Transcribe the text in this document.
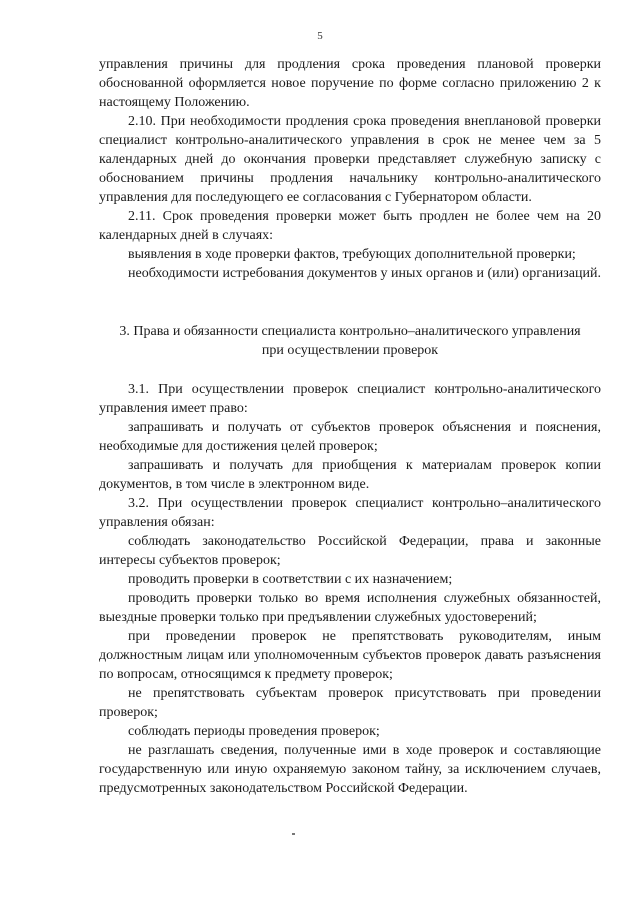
5

управления причины для продления срока проведения плановой проверки обоснованной оформляется новое поручение по форме согласно приложению 2 к настоящему Положению.

2.10. При необходимости продления срока проведения внеплановой проверки специалист контрольно-аналитического управления в срок не менее чем за 5 календарных дней до окончания проверки представляет служебную записку с обоснованием причины продления начальнику контрольно-аналитического управления для последующего ее согласования с Губернатором области.

2.11. Срок проведения проверки может быть продлен не более чем на 20 календарных дней в случаях:

выявления в ходе проверки фактов, требующих дополнительной проверки;

необходимости истребования документов у иных органов и (или) организаций.

3. Права и обязанности специалиста контрольно–аналитического управления при осуществлении проверок

3.1. При осуществлении проверок специалист контрольно-аналитического управления имеет право:

запрашивать и получать от субъектов проверок объяснения и пояснения, необходимые для достижения целей проверок;

запрашивать и получать для приобщения к материалам проверок копии документов, в том числе в электронном виде.

3.2. При осуществлении проверок специалист контрольно–аналитического управления обязан:

соблюдать законодательство Российской Федерации, права и законные интересы субъектов проверок;

проводить проверки в соответствии с их назначением;

проводить проверки только во время исполнения служебных обязанностей, выездные проверки только при предъявлении служебных удостоверений;

при проведении проверок не препятствовать руководителям, иным должностным лицам или уполномоченным субъектов проверок давать разъяснения по вопросам, относящимся к предмету проверок;

не препятствовать субъектам проверок присутствовать при проведении проверок;

соблюдать периоды проведения проверок;

не разглашать сведения, полученные ими в ходе проверок и составляющие государственную или иную охраняемую законом тайну, за исключением случаев, предусмотренных законодательством Российской Федерации.
